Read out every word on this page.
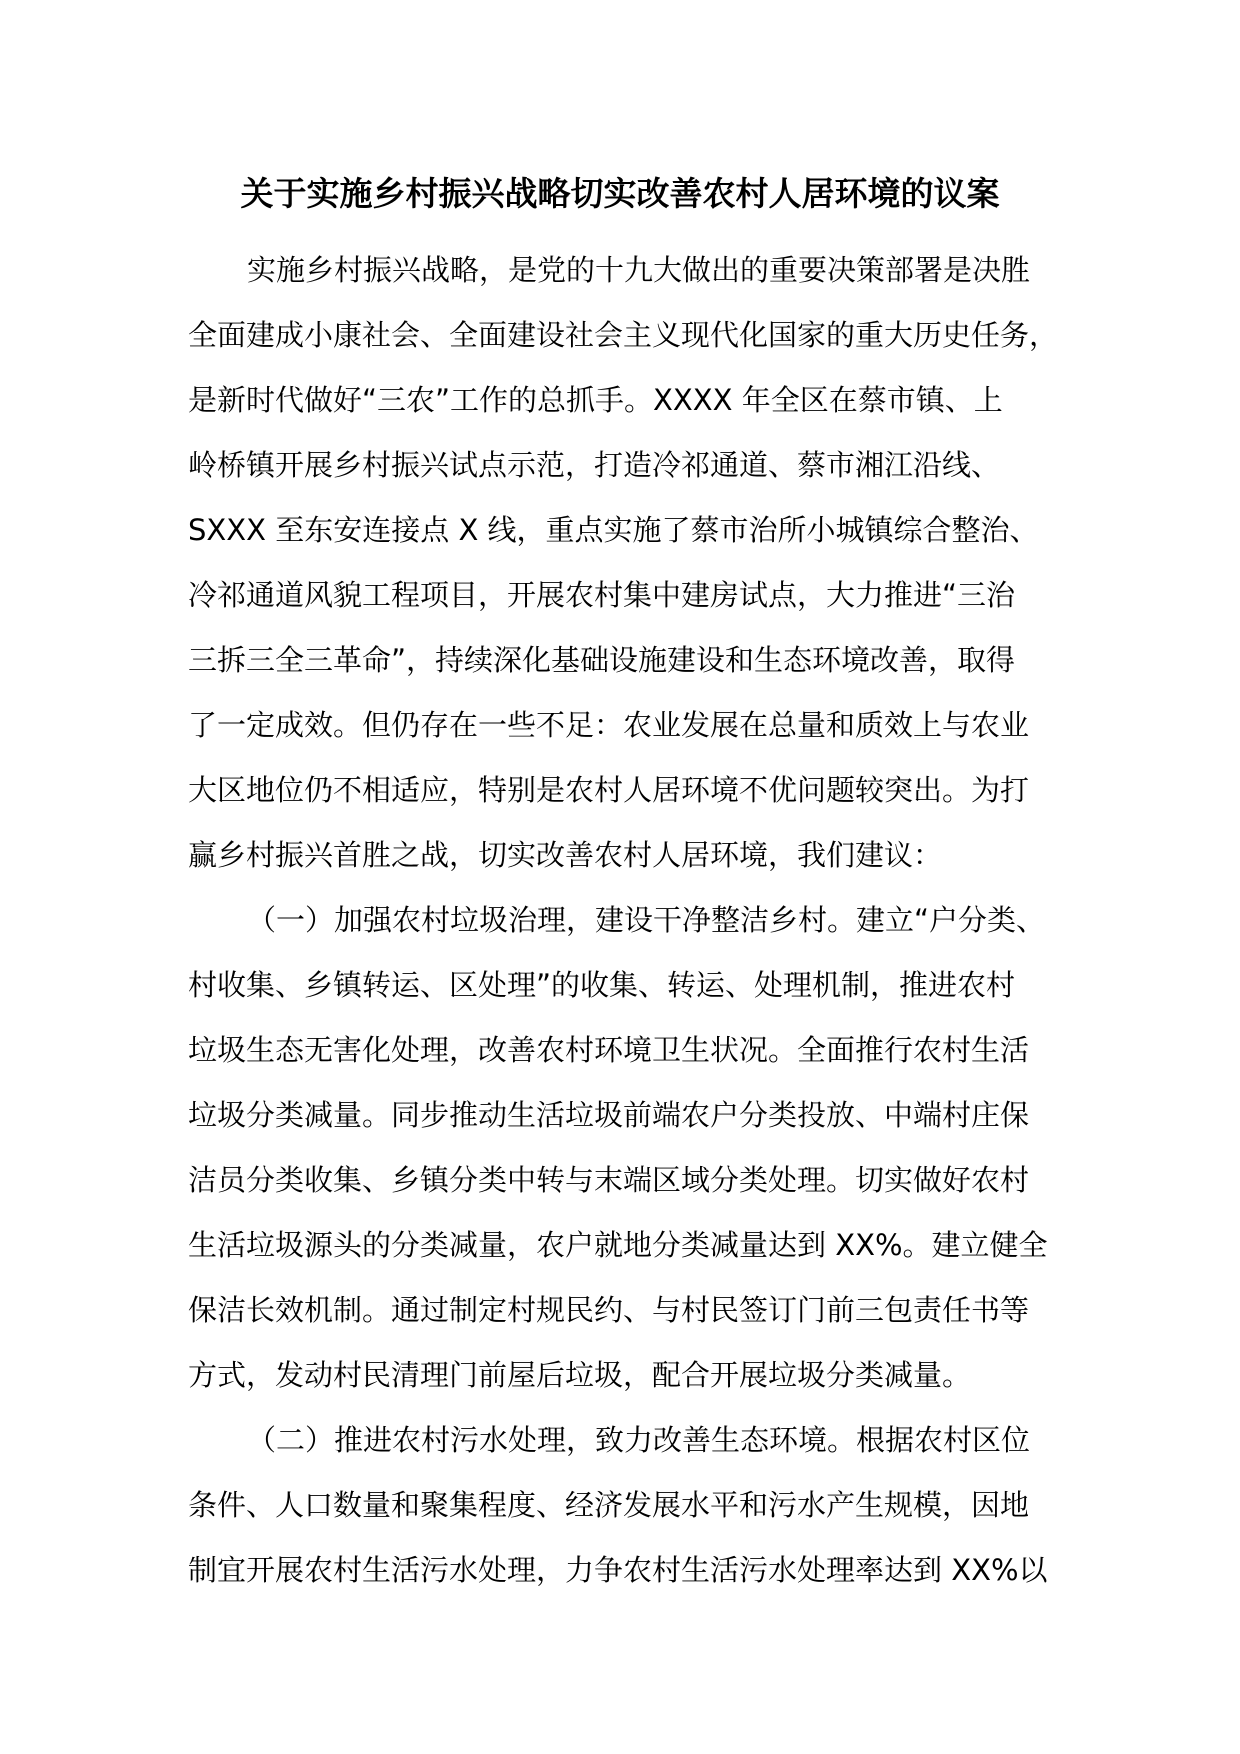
关于实施乡村振兴战略切实改善农村人居环境的议案
实施乡村振兴战略，是党的十九大做出的重要决策部署是决胜
全面建成小康社会、全面建设社会主义现代化国家的重大历史任务，
是新时代做好“三农”工作的总抓手。XXXX 年全区在蔡市镇、上
岭桥镇开展乡村振兴试点示范，打造冷祁通道、蔡市湘江沿线、
SXXX 至东安连接点 X 线，重点实施了蔡市治所小城镇综合整治、
冷祁通道风貌工程项目，开展农村集中建房试点，大力推进“三治
三拆三全三革命”，持续深化基础设施建设和生态环境改善，取得
了一定成效。但仍存在一些不足：农业发展在总量和质效上与农业
大区地位仍不相适应，特别是农村人居环境不优问题较突出。为打
赢乡村振兴首胜之战，切实改善农村人居环境，我们建议：
（一）加强农村垃圾治理，建设干净整洁乡村。建立“户分类、
村收集、乡镇转运、区处理”的收集、转运、处理机制，推进农村
垃圾生态无害化处理，改善农村环境卫生状况。全面推行农村生活
垃圾分类减量。同步推动生活垃圾前端农户分类投放、中端村庄保
洁员分类收集、乡镇分类中转与末端区域分类处理。切实做好农村
生活垃圾源头的分类减量，农户就地分类减量达到 XX%。建立健全
保洁长效机制。通过制定村规民约、与村民签订门前三包责任书等
方式，发动村民清理门前屋后垃圾，配合开展垃圾分类减量。
（二）推进农村污水处理，致力改善生态环境。根据农村区位
条件、人口数量和聚集程度、经济发展水平和污水产生规模，因地
制宜开展农村生活污水处理，力争农村生活污水处理率达到 XX%以
